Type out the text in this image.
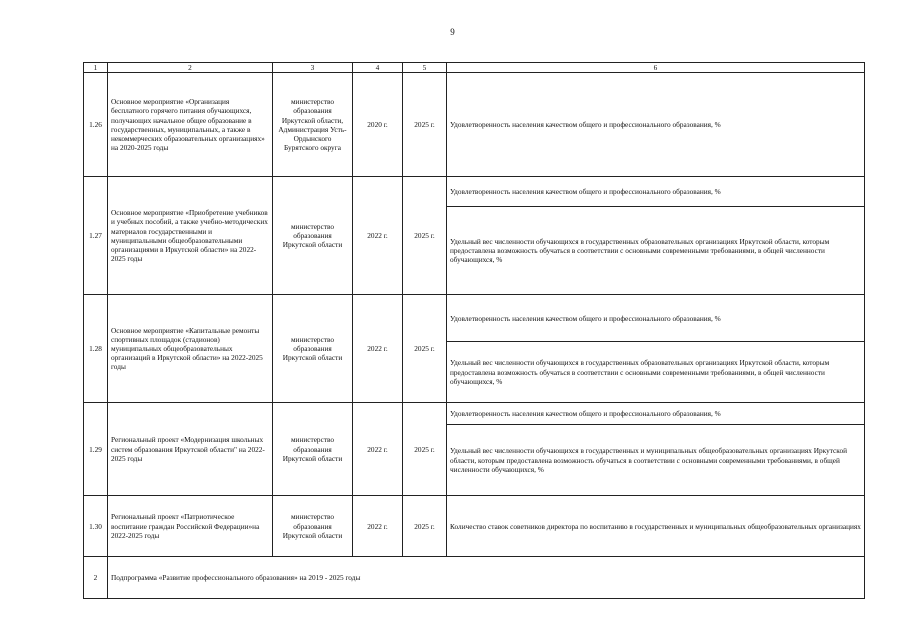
9
1	2	3	4	5	6
1.26	Основное мероприятие «Организация бесплатного горячего питания обучающихся, получающих начальное общее образование в государственных, муниципальных, а также в некоммерческих образовательных организациях» на 2020-2025 годы	министерство образования Иркутской области, Администрация Усть-Ордынского Бурятского округа	2020 г.	2025 г.	Удовлетворенность населения качеством общего и профессионального образования, %
1.27	Основное мероприятие «Приобретение учебников и учебных пособий, а также учебно-методических материалов государственными и муниципальными общеобразовательными организациями в Иркутской области» на 2022-2025 годы	министерство образования Иркутской области	2022 г.	2025 г.	Удовлетворенность населения качеством общего и профессионального образования, %
					Удельный вес численности обучающихся в государственных образовательных организациях Иркутской области, которым предоставлена возможность обучаться в соответствии с основными современными требованиями, в общей численности обучающихся, %
1.28	Основное мероприятие «Капитальные ремонты спортивных площадок (стадионов) муниципальных общеобразовательных организаций в Иркутской области» на 2022-2025 годы	министерство образования Иркутской области	2022 г.	2025 г.	Удовлетворенность населения качеством общего и профессионального образования, %
					Удельный вес численности обучающихся в государственных образовательных организациях Иркутской области, которым предоставлена возможность обучаться в соответствии с основными современными требованиями, в общей численности обучающихся, %
1.29	Региональный проект «Модернизация школьных систем образования Иркутской области" на 2022-2025 годы	министерство образования Иркутской области	2022 г.	2025 г.	Удовлетворенность населения качеством общего и профессионального образования, %
					Удельный вес численности обучающихся в государственных и муниципальных общеобразовательных организациях Иркутской области, которым предоставлена возможность обучаться в соответствии с основными современными требованиями, в общей численности обучающихся, %
1.30	Региональный проект «Патриотическое воспитание граждан Российской Федерации»на 2022-2025 годы	министерство образования Иркутской области	2022 г.	2025 г.	Количество ставок советников директора по воспитанию в государственных и муниципальных общеобразовательных организациях
2	Подпрограмма «Развитие профессионального образования» на 2019 - 2025 годы				
